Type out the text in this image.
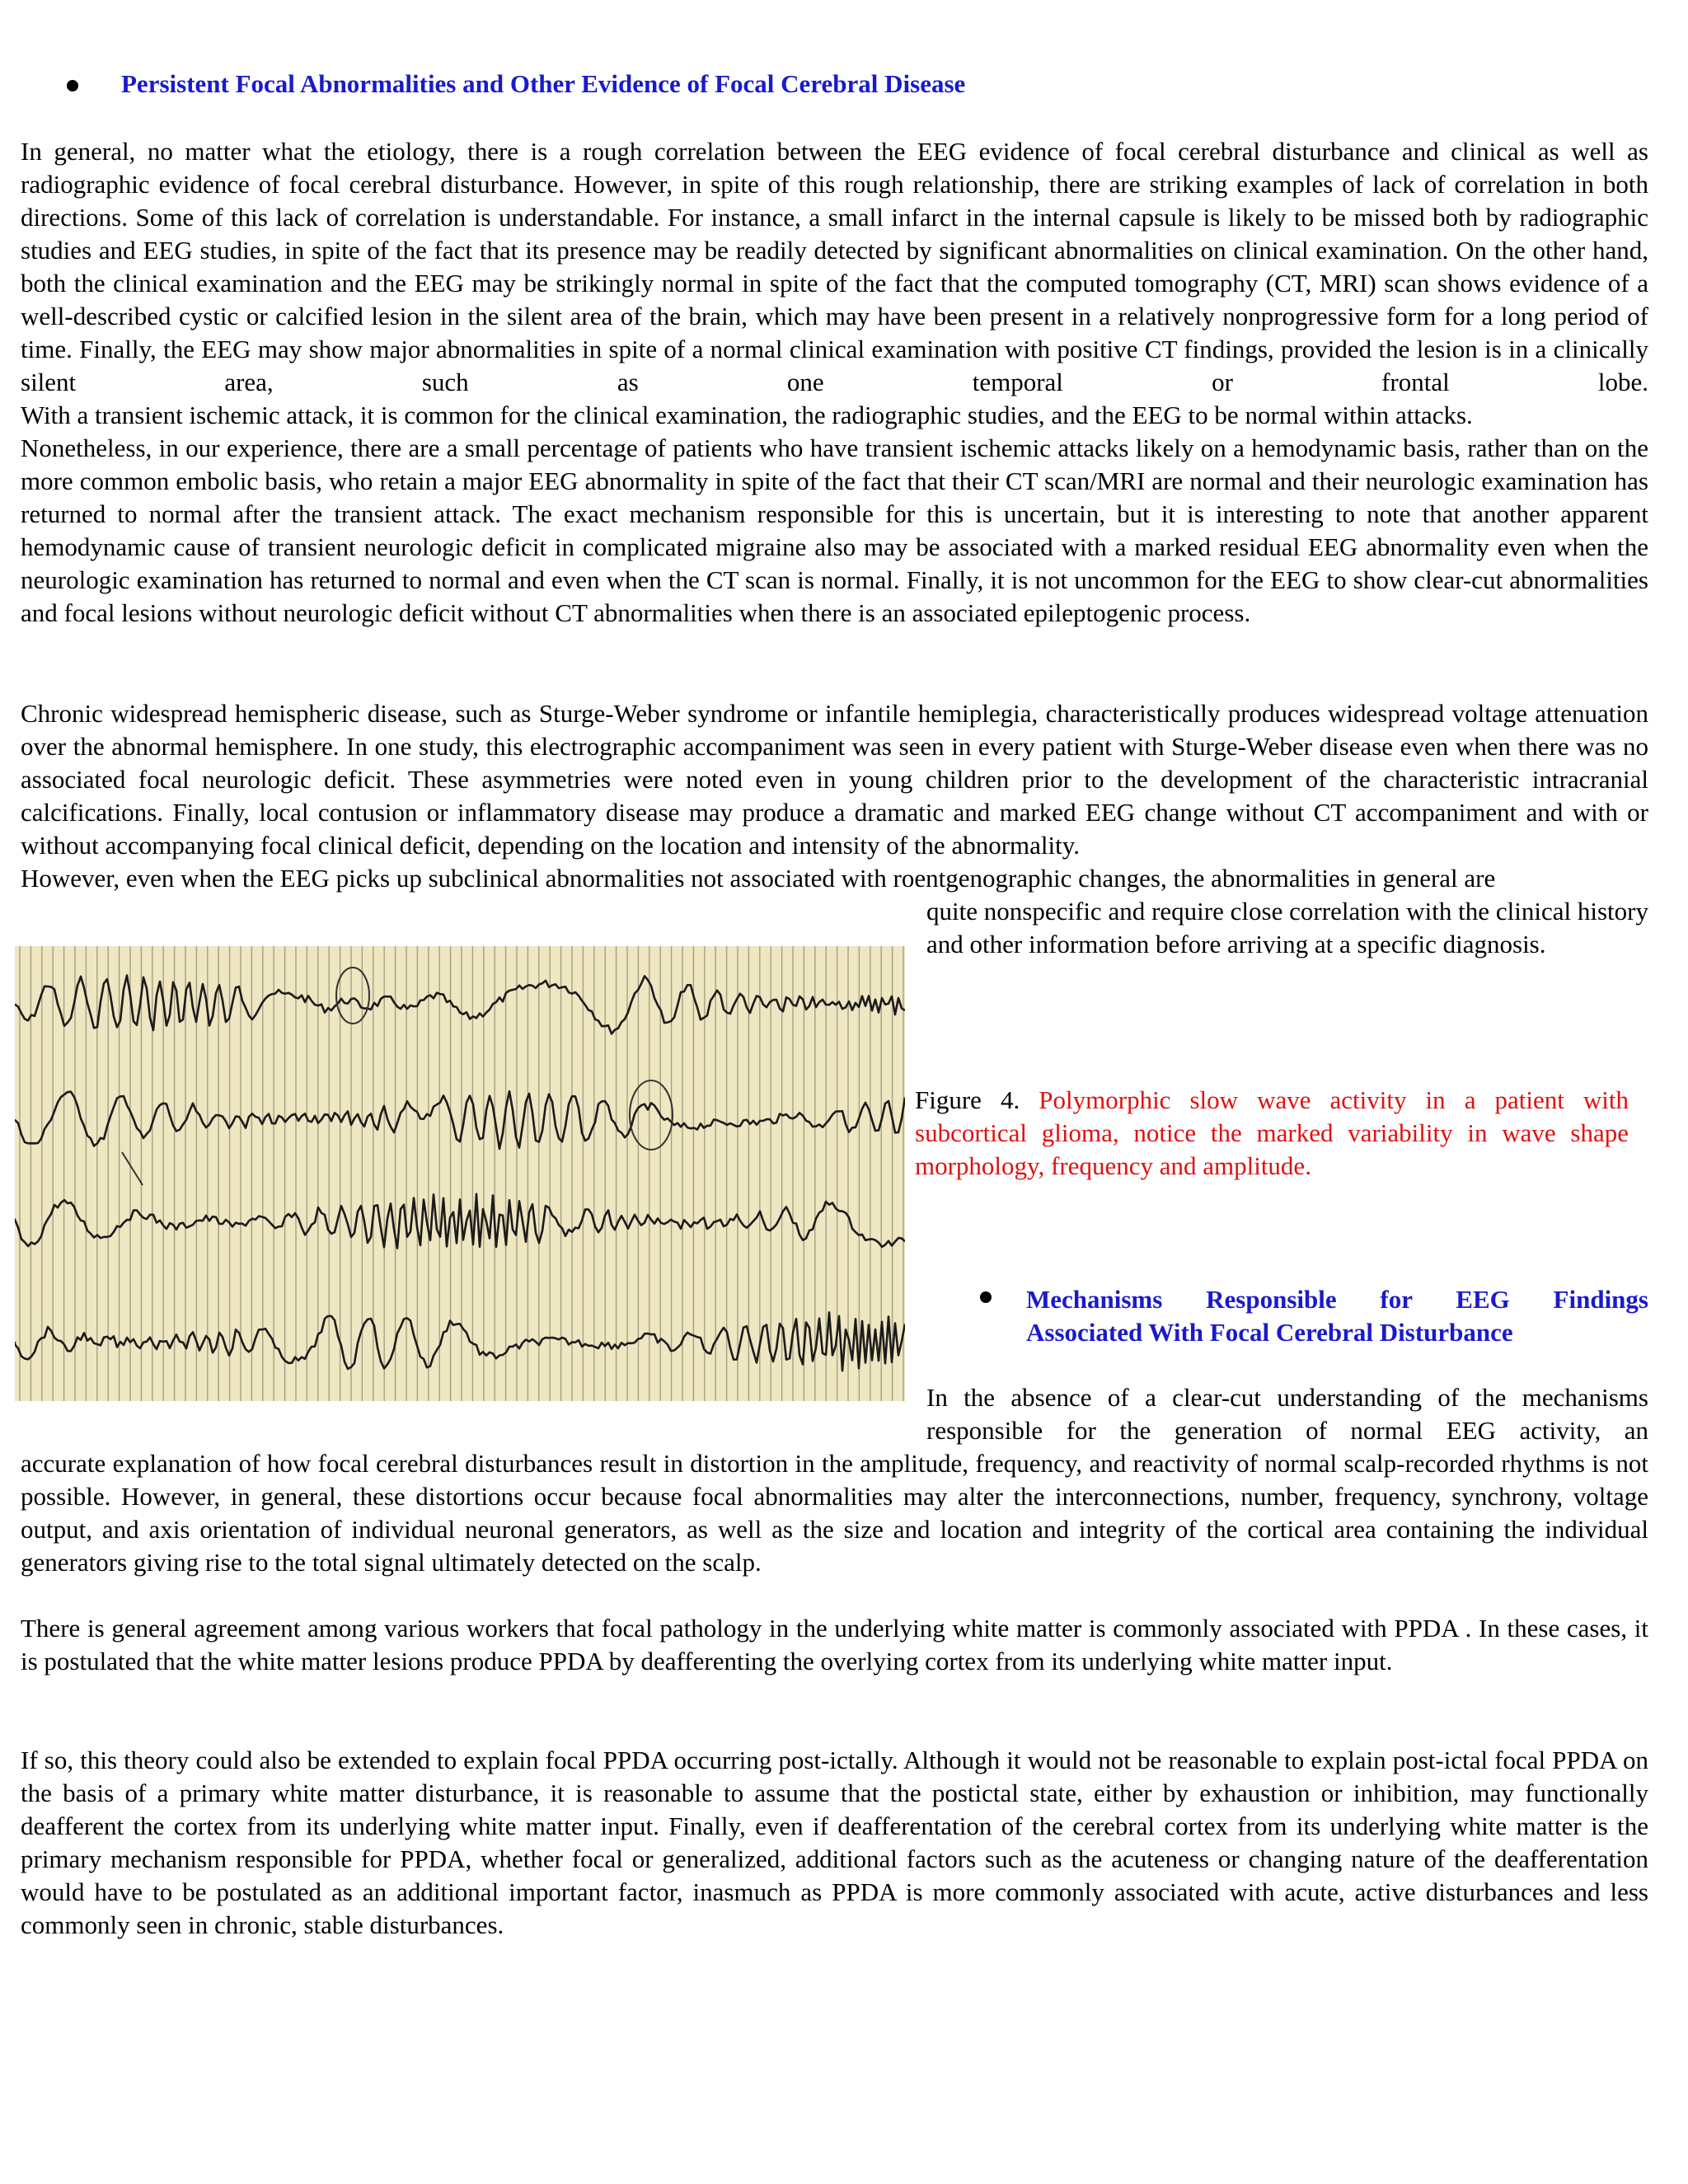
Persistent Focal Abnormalities and Other Evidence of Focal Cerebral Disease

In general, no matter what the etiology, there is a rough correlation between the EEG evidence of focal cerebral disturbance and clinical as well as radiographic evidence of focal cerebral disturbance. However, in spite of this rough relationship, there are striking examples of lack of correlation in both directions. Some of this lack of correlation is understandable. For instance, a small infarct in the internal capsule is likely to be missed both by radiographic studies and EEG studies, in spite of the fact that its presence may be readily detected by significant abnormalities on clinical examination. On the other hand, both the clinical examination and the EEG may be strikingly normal in spite of the fact that the computed tomography (CT, MRI) scan shows evidence of a well-described cystic or calcified lesion in the silent area of the brain, which may have been present in a relatively nonprogressive form for a long period of time. Finally, the EEG may show major abnormalities in spite of a normal clinical examination with positive CT findings, provided the lesion is in a clinically silent area, such as one temporal or frontal lobe.

With a transient ischemic attack, it is common for the clinical examination, the radiographic studies, and the EEG to be normal within attacks.

Nonetheless, in our experience, there are a small percentage of patients who have transient ischemic attacks likely on a hemodynamic basis, rather than on the more common embolic basis, who retain a major EEG abnormality in spite of the fact that their CT scan/MRI are normal and their neurologic examination has returned to normal after the transient attack. The exact mechanism responsible for this is uncertain, but it is interesting to note that another apparent hemodynamic cause of transient neurologic deficit in complicated migraine also may be associated with a marked residual EEG abnormality even when the neurologic examination has returned to normal and even when the CT scan is normal. Finally, it is not uncommon for the EEG to show clear-cut abnormalities and focal lesions without neurologic deficit without CT abnormalities when there is an associated epileptogenic process.

Chronic widespread hemispheric disease, such as Sturge-Weber syndrome or infantile hemiplegia, characteristically produces widespread voltage attenuation over the abnormal hemisphere. In one study, this electrographic accompaniment was seen in every patient with Sturge-Weber disease even when there was no associated focal neurologic deficit. These asymmetries were noted even in young children prior to the development of the characteristic intracranial calcifications. Finally, local contusion or inflammatory disease may produce a dramatic and marked EEG change without CT accompaniment and with or without accompanying focal clinical deficit, depending on the location and intensity of the abnormality.

However, even when the EEG picks up subclinical abnormalities not associated with roentgenographic changes, the abnormalities in general are

quite nonspecific and require close correlation with the clinical history and other information before arriving at a specific diagnosis.

Figure 4. Polymorphic slow wave activity in a patient with subcortical glioma, notice the marked variability in wave shape morphology, frequency and amplitude.
Mechanisms Responsible for EEG Findings
Associated With Focal Cerebral Disturbance

In the absence of a clear-cut understanding of the mechanisms responsible for the generation of normal EEG activity, an

accurate explanation of how focal cerebral disturbances result in distortion in the amplitude, frequency, and reactivity of normal scalp-recorded rhythms is not possible. However, in general, these distortions occur because focal abnormalities may alter the interconnections, number, frequency, synchrony, voltage output, and axis orientation of individual neuronal generators, as well as the size and location and integrity of the cortical area containing the individual generators giving rise to the total signal ultimately detected on the scalp.

There is general agreement among various workers that focal pathology in the underlying white matter is commonly associated with PPDA . In these cases, it is postulated that the white matter lesions produce PPDA by deafferenting the overlying cortex from its underlying white matter input.

If so, this theory could also be extended to explain focal PPDA occurring post-ictally. Although it would not be reasonable to explain post-ictal focal PPDA on the basis of a primary white matter disturbance, it is reasonable to assume that the postictal state, either by exhaustion or inhibition, may functionally deafferent the cortex from its underlying white matter input. Finally, even if deafferentation of the cerebral cortex from its underlying white matter is the primary mechanism responsible for PPDA, whether focal or generalized, additional factors such as the acuteness or changing nature of the deafferentation would have to be postulated as an additional important factor, inasmuch as PPDA is more commonly associated with acute, active disturbances and less commonly seen in chronic, stable disturbances.
